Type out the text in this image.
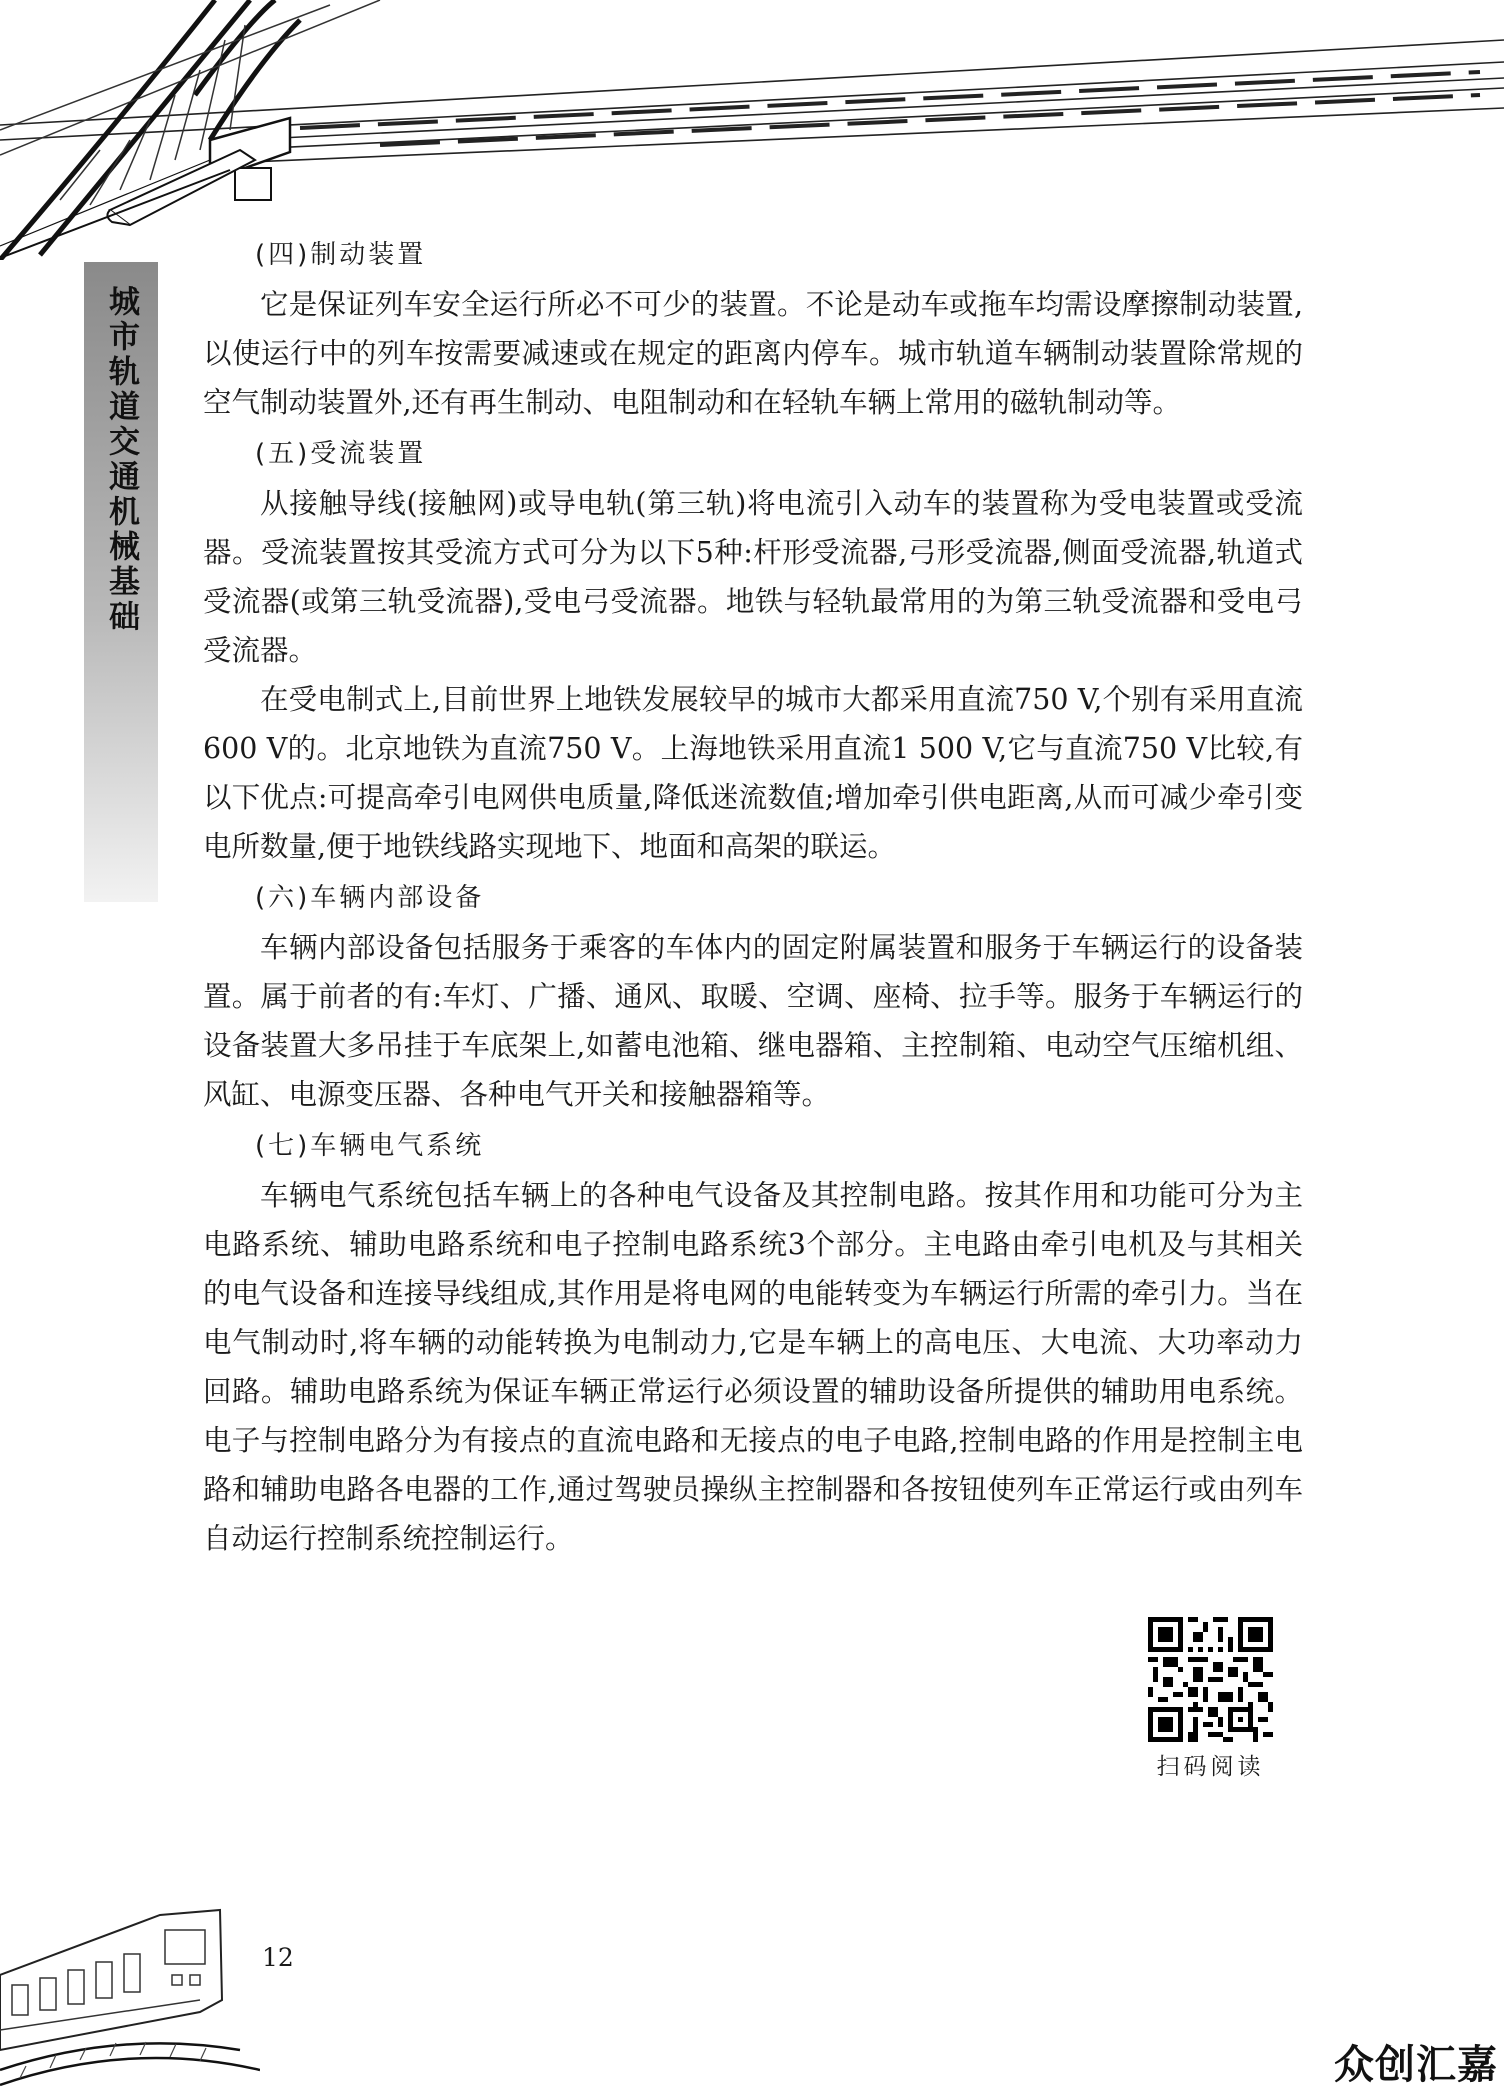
城市轨道交通机械基础
(四)制动装置

它是保证列车安全运行所必不可少的装置。不论是动车或拖车均需设摩擦制动装置,以使运行中的列车按需要减速或在规定的距离内停车。城市轨道车辆制动装置除常规的空气制动装置外,还有再生制动、电阻制动和在轻轨车辆上常用的磁轨制动等。

(五)受流装置

从接触导线(接触网)或导电轨(第三轨)将电流引入动车的装置称为受电装置或受流器。受流装置按其受流方式可分为以下5种:杆形受流器,弓形受流器,侧面受流器,轨道式受流器(或第三轨受流器),受电弓受流器。地铁与轻轨最常用的为第三轨受流器和受电弓受流器。

在受电制式上,目前世界上地铁发展较早的城市大都采用直流750 V,个别有采用直流600 V的。北京地铁为直流750 V。上海地铁采用直流1 500 V,它与直流750 V比较,有以下优点:可提高牵引电网供电质量,降低迷流数值;增加牵引供电距离,从而可减少牵引变电所数量,便于地铁线路实现地下、地面和高架的联运。

(六)车辆内部设备

车辆内部设备包括服务于乘客的车体内的固定附属装置和服务于车辆运行的设备装置。属于前者的有:车灯、广播、通风、取暖、空调、座椅、拉手等。服务于车辆运行的设备装置大多吊挂于车底架上,如蓄电池箱、继电器箱、主控制箱、电动空气压缩机组、风缸、电源变压器、各种电气开关和接触器箱等。

(七)车辆电气系统

车辆电气系统包括车辆上的各种电气设备及其控制电路。按其作用和功能可分为主电路系统、辅助电路系统和电子控制电路系统3个部分。主电路由牵引电机及与其相关的电气设备和连接导线组成,其作用是将电网的电能转变为车辆运行所需的牵引力。当在电气制动时,将车辆的动能转换为电制动力,它是车辆上的高电压、大电流、大功率动力回路。辅助电路系统为保证车辆正常运行必须设置的辅助设备所提供的辅助用电系统。电子与控制电路分为有接点的直流电路和无接点的电子电路,控制电路的作用是控制主电路和辅助电路各电器的工作,通过驾驶员操纵主控制器和各按钮使列车正常运行或由列车自动运行控制系统控制运行。

扫码阅读
12
众创汇嘉
